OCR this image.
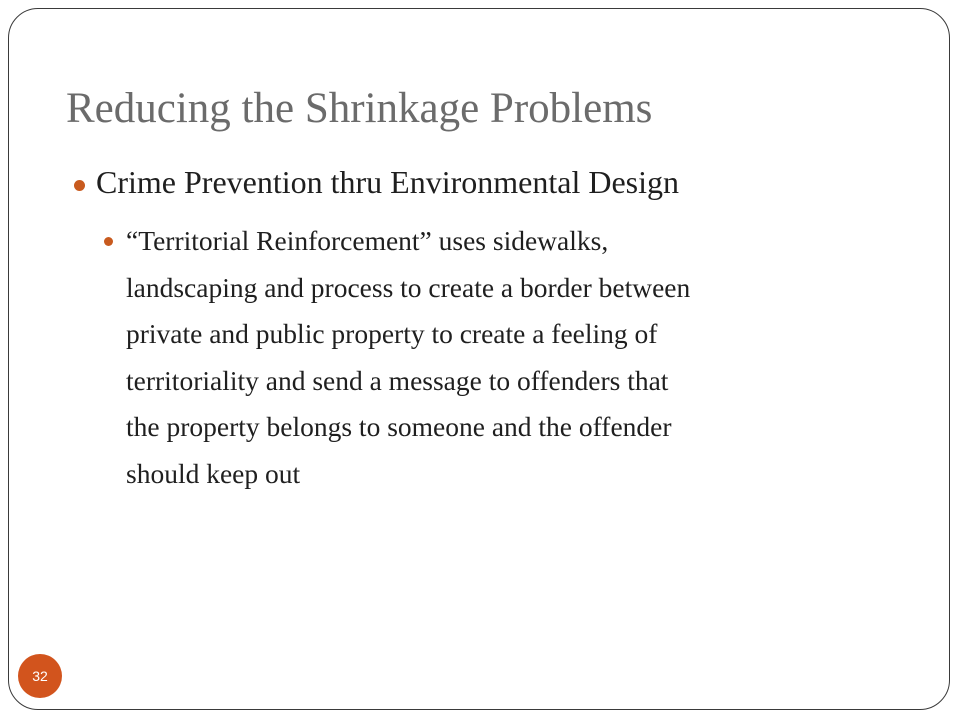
Reducing the Shrinkage Problems
Crime Prevention thru Environmental Design
“Territorial Reinforcement” uses sidewalks,
landscaping and process to create a border between
private and public property to create a feeling of
territoriality and send a message to offenders that
the property belongs to someone and the offender
should keep out
32
